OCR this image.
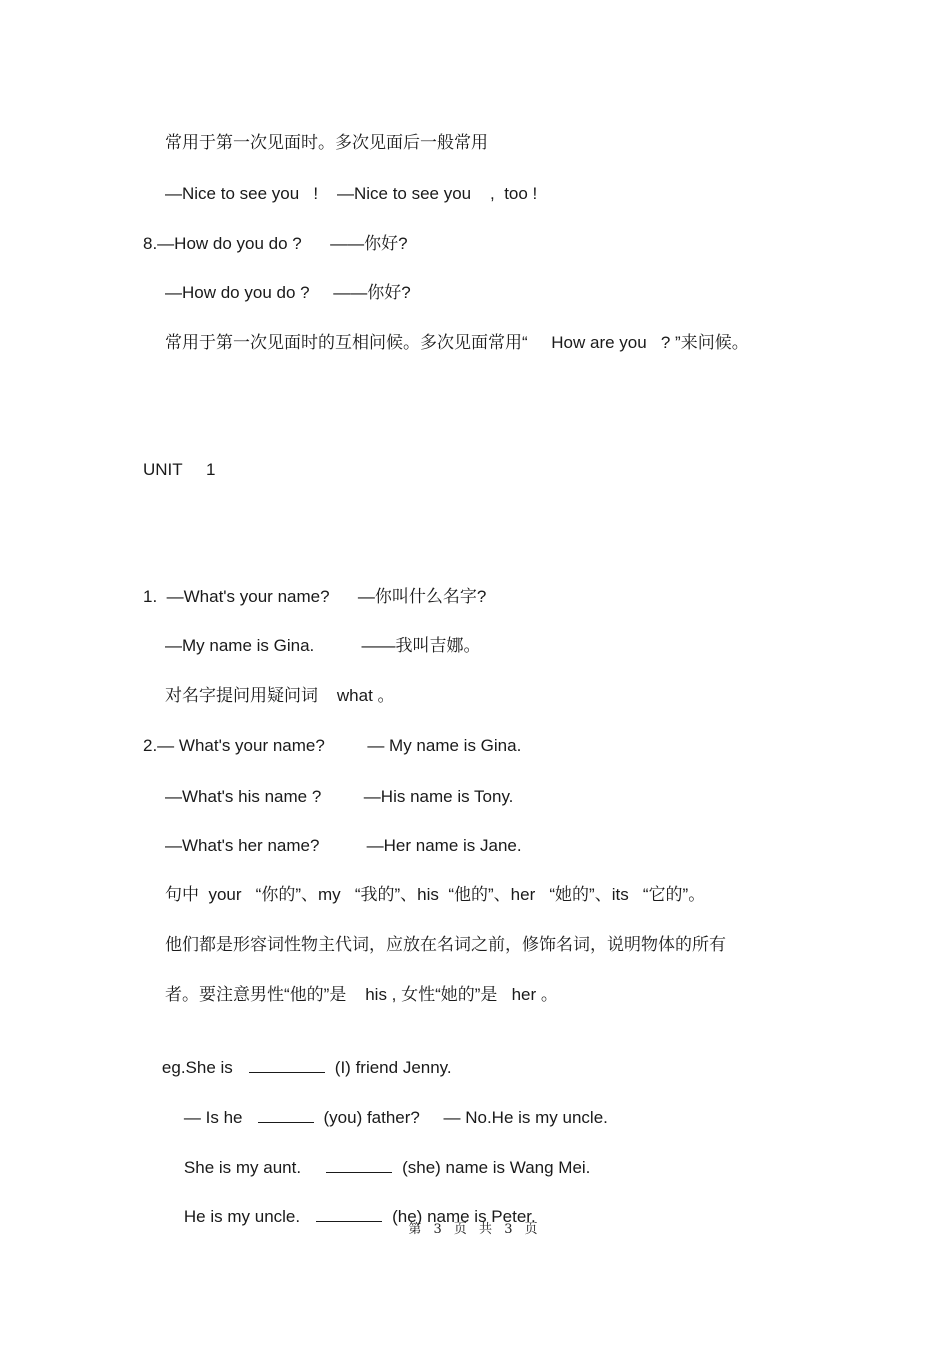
常用于第一次见面时。多次见面后一般常用
—Nice to see you   !    —Nice to see you    ,  too !
8.—How do you do ?      ——你好?
—How do you do ?     ——你好?
常用于第一次见面时的互相问候。多次见面常用“     How are you   ? ”来问候。
UNIT     1
1.  —What's your name?      —你叫什么名字?
—My name is Gina.          ——我叫吉娜。
对名字提问用疑问词    what 。
2.— What's your name?         — My name is Gina.
—What's his name ?         —His name is Tony.
—What's her name?          —Her name is Jane.
句中  your   “你的”、my   “我的”、his  “他的”、her   “她的”、its   “它的”。
他们都是形容词性物主代词，应放在名词之前，修饰名词，说明物体的所有
者。要注意男性“他的”是    his , 女性“她的”是   her 。

eg.She is	(I) friend Jenny.

— Is he	(you) father?     — No.He is my uncle.

She is my aunt.	(she) name is Wang Mei.

He is my uncle.	(he) name is Peter.

第 3 页 共 3 页
